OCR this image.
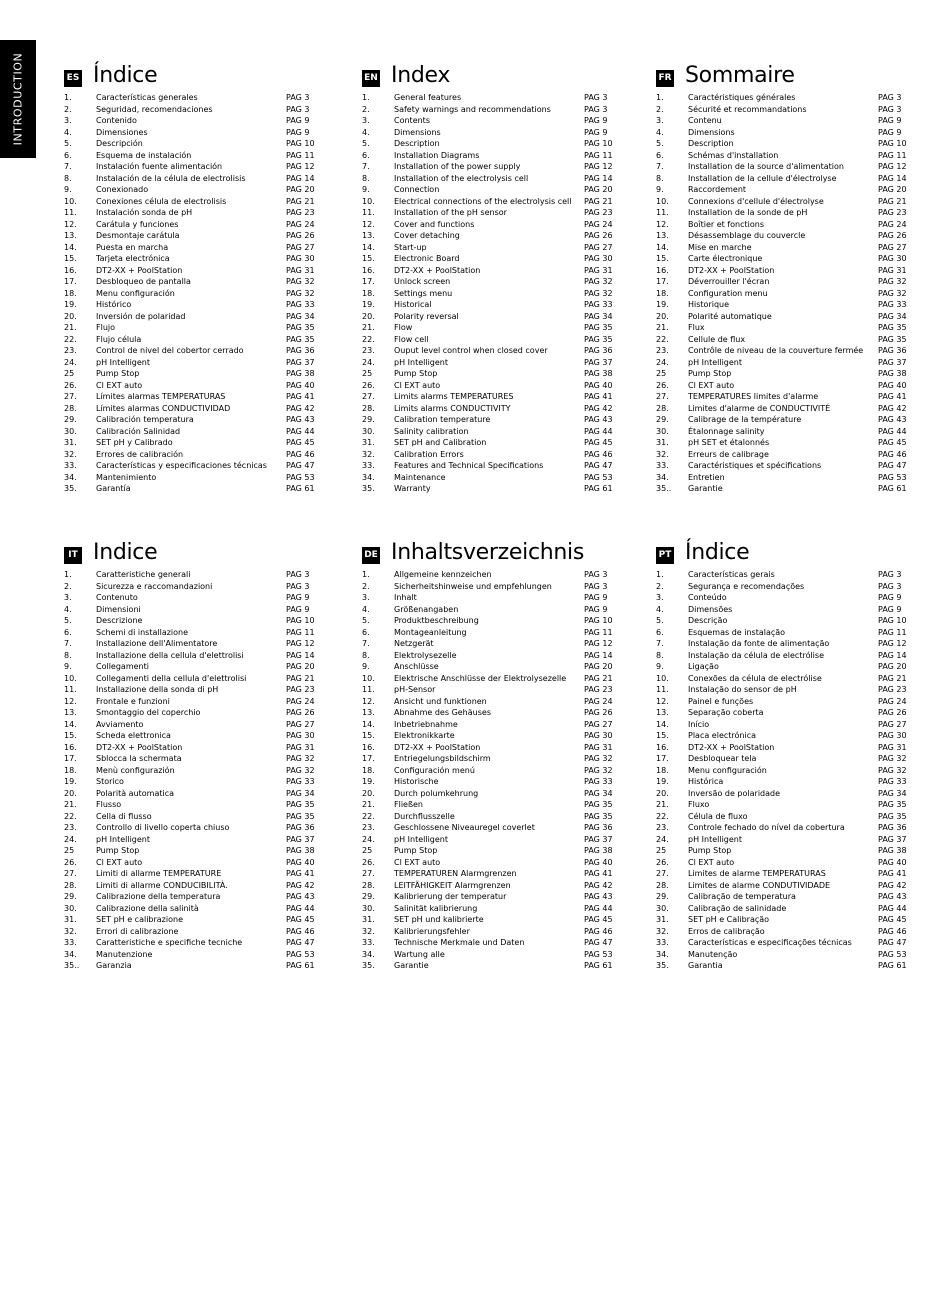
INTRODUCTION	ES Índice
1.	Características generales	PAG 3
2.	Seguridad, recomendaciones	PAG 3
3.	Contenido	PAG 9
4.	Dimensiones	PAG 9
5.	Descripción	PAG 10
6.	Esquema de instalación	PAG 11
7.	Instalación fuente alimentación	PAG 12
8.	Instalación de la célula de electrolisis	PAG 14
9.	Conexionado	PAG 20
10. Conexiones célula de electrolisis	PAG 21
11. Instalación sonda de pH	PAG 23
12. Carátula y funciones	PAG 24
13. Desmontaje carátula	PAG 26
14. Puesta en marcha	PAG 27
15. Tarjeta electrónica	PAG 30
16. DT2-XX + PoolStation	PAG 31
17. Desbloqueo de pantalla	PAG 32
18. Menu configuración	PAG 32
19. Histórico	PAG 33
20. Inversión de polaridad	PAG 34
21. Flujo	PAG 35
22. Flujo célula	PAG 35
23. Control de nivel del cobertor cerrado	PAG 36
24. pH Intelligent	PAG 37
25	Pump Stop	PAG 38
26. Cl EXT auto	PAG 40
27. Límites alarmas TEMPERATURAS	PAG 41
28. Límites alarmas CONDUCTIVIDAD	PAG 42
29. Calibración temperatura	PAG 43
30. Calibración Salinidad	PAG 44
31. SET pH y Calibrado	PAG 45
32. Errores de calibración	PAG 46
33. Características y especificaciones técnicas PAG 47
34. Mantenimiento	PAG 53
35. Garantía	PAG 61
EN Index
1.	General features	PAG 3
2.	Safety warnings and recommendations	PAG 3
3.	Contents	PAG 9
4.	Dimensions	PAG 9
5.	Description	PAG 10
6.	Installation Diagrams	PAG 11
7.	Installation of the power supply	PAG 12
8.	Installation of the electrolysis cell	PAG 14
9.	Connection	PAG 20
10. Electrical connections of the electrolysis cell PAG 21
11. Installation of the pH sensor	PAG 23
12. Cover and functions	PAG 24
13. Cover detaching	PAG 26
14. Start-up	PAG 27
15. Electronic Board	PAG 30
16. DT2-XX + PoolStation	PAG 31
17. Unlock screen	PAG 32
18. Settings menu	PAG 32
19. Historical	PAG 33
20. Polarity reversal	PAG 34
21. Flow	PAG 35
22. Flow cell	PAG 35
23. Ouput level control when closed cover	PAG 36
24. pH Intelligent	PAG 37
25	Pump Stop	PAG 38
26. Cl EXT auto	PAG 40
27. Limits alarms TEMPERATURES	PAG 41
28. Limits alarms CONDUCTIVITY	PAG 42
29. Calibration temperature	PAG 43
30. Salinity calibration	PAG 44
31. SET pH and Calibration	PAG 45
32. Calibration Errors	PAG 46
33. Features and Technical Specifications	PAG 47
34. Maintenance	PAG 53
35. Warranty	PAG 61
FR Sommaire
1.	Caractéristiques générales	PAG 3
2.	Sécurité et recommandations	PAG 3
3.	Contenu	PAG 9
4.	Dimensions	PAG 9
5.	Description	PAG 10
6.	Schémas d'installation	PAG 11
7.	Installation de la source d'alimentation	PAG 12
8.	Installation de la cellule d'électrolyse	PAG 14
9.	Raccordement	PAG 20
10. Connexions d'cellule d'électrolyse	PAG 21
11. Installation de la sonde de pH	PAG 23
12. Boîtier et fonctions	PAG 24
13. Désassemblage du couvercle	PAG 26
14. Mise en marche	PAG 27
15. Carte électronique	PAG 30
16. DT2-XX + PoolStation	PAG 31
17. Déverrouiller l'écran	PAG 32
18. Configuration menu	PAG 32
19. Historique	PAG 33
20. Polarité automatique	PAG 34
21. Flux	PAG 35
22. Cellule de flux	PAG 35
23. Contrôle de niveau de la couverture fermée PAG 36
24. pH Intelligent	PAG 37
25	Pump Stop	PAG 38
26. Cl EXT auto	PAG 40
27. TEMPERATURES limites d'alarme	PAG 41
28. Limites d'alarme de CONDUCTIVITÉ	PAG 42
29. Calibrage de la température	PAG 43
30. Étalonnage salinity	PAG 44
31. pH SET et étalonnés	PAG 45
32. Erreurs de calibrage	PAG 46
33. Caractéristiques et spécifications	PAG 47
34. Entretien	PAG 53
35.. Garantie	PAG 61
IT Indice
1.	Caratteristiche generali	PAG 3
2.	Sicurezza e raccomandazioni	PAG 3
3.	Contenuto	PAG 9
4.	Dimensioni	PAG 9
5.	Descrizione	PAG 10
6.	Schemi di installazione	PAG 11
7.	Installazione dell'Alimentatore	PAG 12
8.	Installazione della cellula d'elettrolisi	PAG 14
9.	Collegamenti	PAG 20
10. Collegamenti della cellula d'elettrolisi	PAG 21
11. Installazione della sonda di pH	PAG 23
12. Frontale e funzioni	PAG 24
13. Smontaggio del coperchio	PAG 26
14. Avviamento	PAG 27
15. Scheda elettronica	PAG 30
16. DT2-XX + PoolStation	PAG 31
17. Sblocca la schermata	PAG 32
18. Menù configurazión	PAG 32
19. Storico	PAG 33
20. Polarità automatica	PAG 34
21. Flusso	PAG 35
22. Cella di flusso	PAG 35
23. Controllo di livello coperta chiuso	PAG 36
24. pH Intelligent	PAG 37
25	Pump Stop	PAG 38
26. Cl EXT auto	PAG 40
27. Limiti di allarme TEMPERATURE	PAG 41
28. Limiti di allarme CONDUCIBILITÀ.	PAG 42
29. Calibrazione della temperatura	PAG 43
30. Calibrazione della salinità	PAG 44
31. SET pH e calibrazione	PAG 45
32. Errori di calibrazione	PAG 46
33. Caratteristiche e specifiche tecniche	PAG 47
34. Manutenzione	PAG 53
35.. Garanzia	PAG 61
DE Inhaltsverzeichnis
1.	Allgemeine kennzeichen	PAG 3
2.	Sicherheitshinweise und empfehlungen	PAG 3
3.	Inhalt	PAG 9
4.	Größenangaben	PAG 9
5.	Produktbeschreibung	PAG 10
6.	Montageanleitung	PAG 11
7.	Netzgerät	PAG 12
8.	Elektrolysezelle	PAG 14
9.	Anschlüsse	PAG 20
10. Elektrische Anschlüsse der Elektrolysezelle PAG 21
11. pH-Sensor	PAG 23
12. Ansicht und funktionen	PAG 24
13. Abnahme des Gehäuses	PAG 26
14. Inbetriebnahme	PAG 27
15. Elektronikkarte	PAG 30
16. DT2-XX + PoolStation	PAG 31
17. Entriegelungsbildschirm	PAG 32
18. Configuración menú	PAG 32
19. Historische	PAG 33
20. Durch polumkehrung	PAG 34
21. Fließen	PAG 35
22. Durchflusszelle	PAG 35
23. Geschlossene Niveauregel coverlet	PAG 36
24. pH Intelligent	PAG 37
25	Pump Stop	PAG 38
26. Cl EXT auto	PAG 40
27. TEMPERATUREN Alarmgrenzen	PAG 41
28. LEITFÄHIGKEIT Alarmgrenzen	PAG 42
29. Kalibrierung der temperatur	PAG 43
30. Salinität kalibrierung	PAG 44
31. SET pH und kalibrierte	PAG 45
32. Kalibrierungsfehler	PAG 46
33. Technische Merkmale und Daten	PAG 47
34. Wartung alle	PAG 53
35. Garantie	PAG 61
PT Índice
1.	Características gerais	PAG 3
2.	Segurança e recomendações	PAG 3
3.	Conteúdo	PAG 9
4.	Dimensões	PAG 9
5.	Descrição	PAG 10
6.	Esquemas de instalação	PAG 11
7.	Instalação da fonte de alimentação	PAG 12
8.	Instalação da célula de electrólise	PAG 14
9.	Ligação	PAG 20
10. Conexões da célula de electrólise	PAG 21
11. Instalação do sensor de pH	PAG 23
12. Painel e funções	PAG 24
13. Separação coberta	PAG 26
14. Início	PAG 27
15. Placa electrónica	PAG 30
16. DT2-XX + PoolStation	PAG 31
17. Desbloquear tela	PAG 32
18. Menu configuración	PAG 32
19. Histórica	PAG 33
20. Inversão de polaridade	PAG 34
21. Fluxo	PAG 35
22. Célula de fluxo	PAG 35
23. Controle fechado do nível da cobertura	PAG 36
24. pH Intelligent	PAG 37
25	Pump Stop	PAG 38
26. Cl EXT auto	PAG 40
27. Limites de alarme TEMPERATURAS	PAG 41
28. Limites de alarme CONDUTIVIDADE	PAG 42
29. Calibração de temperatura	PAG 43
30. Calibração de salinidade	PAG 44
31. SET pH e Calibração	PAG 45
32. Erros de calibração	PAG 46
33. Características e especificações técnicas	PAG 47
34. Manutenção	PAG 53
35. Garantia	PAG 61
